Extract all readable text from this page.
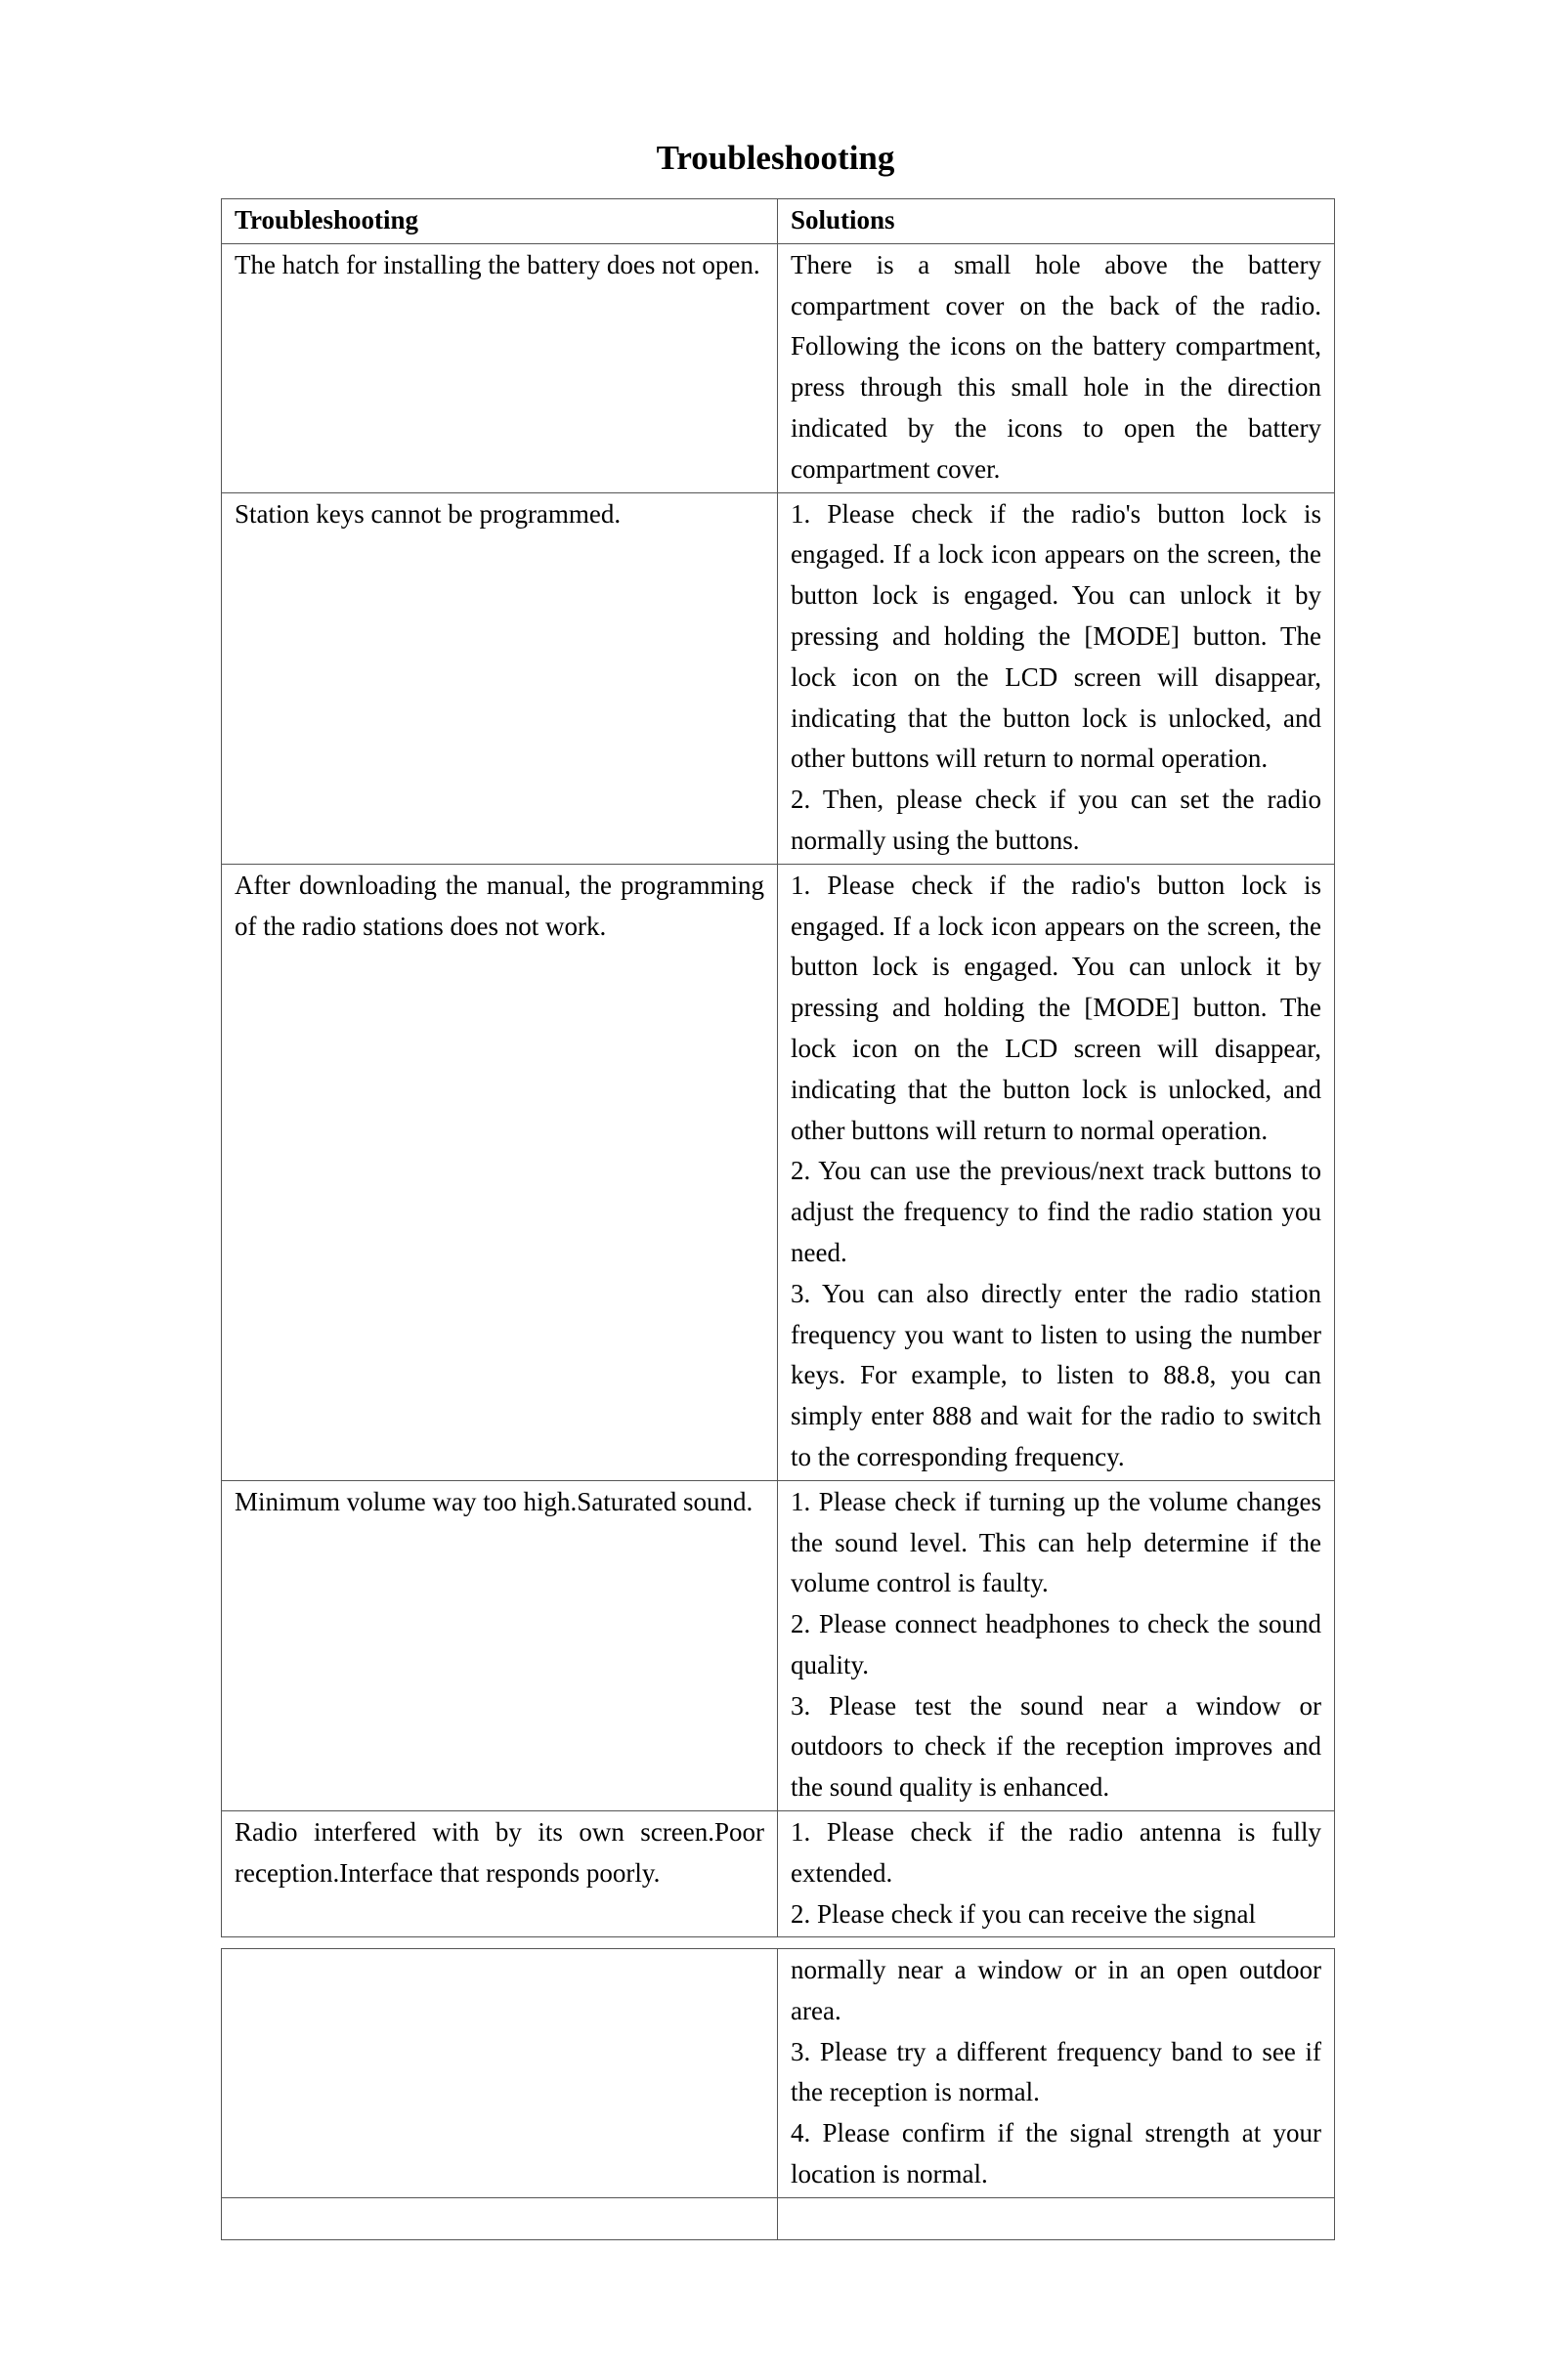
Troubleshooting
Troubleshooting	Solutions
The hatch for installing the battery does not open.	There is a small hole above the battery compartment cover on the back of the radio. Following the icons on the battery compartment, press through this small hole in the direction indicated by the icons to open the battery compartment cover.

Station keys cannot be programmed.	1. Please check if the radio's button lock is engaged. If a lock icon appears on the screen, the button lock is engaged. You can unlock it by pressing and holding the [MODE] button. The lock icon on the LCD screen will disappear, indicating that the button lock is unlocked, and other buttons will return to normal operation.
2. Then, please check if you can set the radio normally using the buttons.

After downloading the manual, the programming of the radio stations does not work.	1. Please check if the radio's button lock is engaged. If a lock icon appears on the screen, the button lock is engaged. You can unlock it by pressing and holding the [MODE] button. The lock icon on the LCD screen will disappear, indicating that the button lock is unlocked, and other buttons will return to normal operation.
2. You can use the previous/next track buttons to adjust the frequency to find the radio station you need.
3. You can also directly enter the radio station frequency you want to listen to using the number keys. For example, to listen to 88.8, you can simply enter 888 and wait for the radio to switch to the corresponding frequency.

Minimum volume way too high.Saturated sound.	1. Please check if turning up the volume changes the sound level. This can help determine if the volume control is faulty.
2. Please connect headphones to check the sound quality.
3. Please test the sound near a window or outdoors to check if the reception improves and the sound quality is enhanced.

Radio interfered with by its own screen.Poor reception.Interface that responds poorly.	1. Please check if the radio antenna is fully extended.
2. Please check if you can receive the signal

	normally near a window or in an open outdoor area.
3. Please try a different frequency band to see if the reception is normal.
4. Please confirm if the signal strength at your location is normal.
